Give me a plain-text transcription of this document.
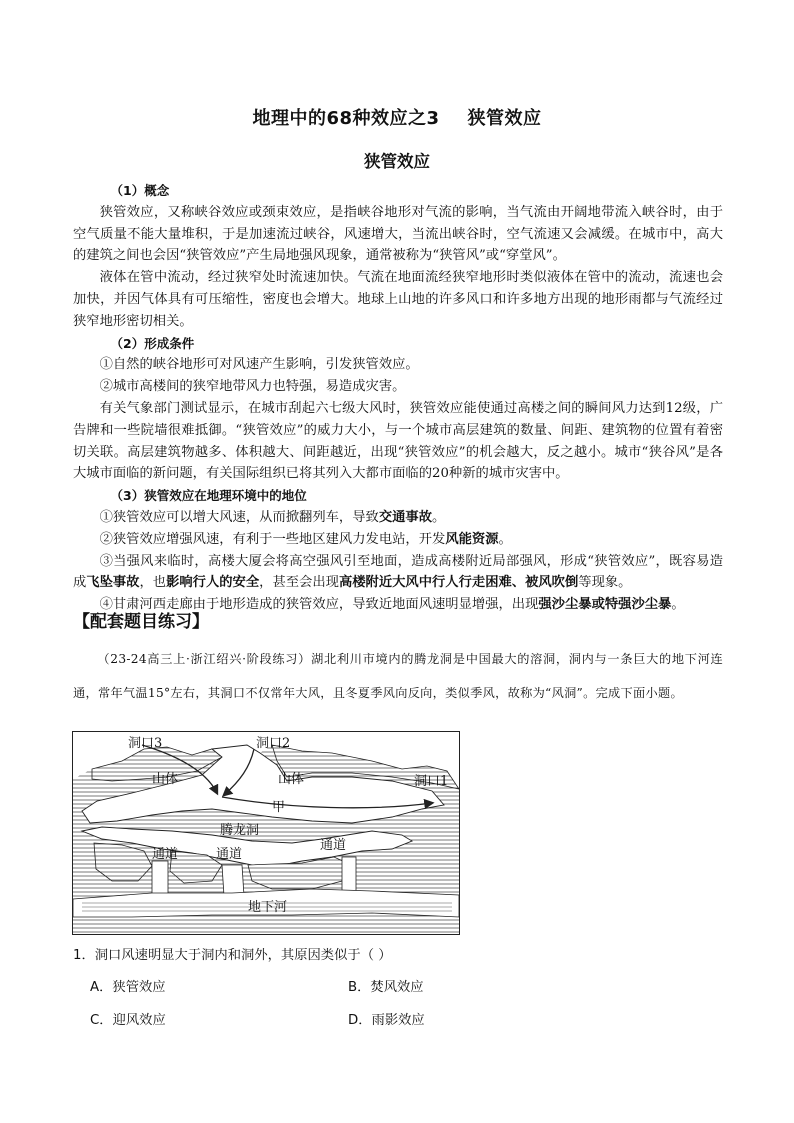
地理中的68种效应之3 狭管效应
狭管效应

（1）概念

狭管效应，又称峡谷效应或颈束效应，是指峡谷地形对气流的影响，当气流由开阔地带流入峡谷时，由于空气质量不能大量堆积，于是加速流过峡谷，风速增大，当流出峡谷时，空气流速又会减缓。在城市中，高大的建筑之间也会因“狭管效应”产生局地强风现象，通常被称为“狭管风”或“穿堂风”。

液体在管中流动，经过狭窄处时流速加快。气流在地面流经狭窄地形时类似液体在管中的流动，流速也会加快，并因气体具有可压缩性，密度也会增大。地球上山地的许多风口和许多地方出现的地形雨都与气流经过狭窄地形密切相关。

（2）形成条件

①自然的峡谷地形可对风速产生影响，引发狭管效应。

②城市高楼间的狭窄地带风力也特强，易造成灾害。

有关气象部门测试显示，在城市刮起六七级大风时，狭管效应能使通过高楼之间的瞬间风力达到12级，广告牌和一些院墙很难抵御。“狭管效应”的威力大小，与一个城市高层建筑的数量、间距、建筑物的位置有着密切关联。高层建筑物越多、体积越大、间距越近，出现“狭管效应”的机会越大，反之越小。城市“狭谷风”是各大城市面临的新问题，有关国际组织已将其列入大都市面临的20种新的城市灾害中。

（3）狭管效应在地理环境中的地位

①狭管效应可以增大风速，从而掀翻列车，导致交通事故。

②狭管效应增强风速，有利于一些地区建风力发电站，开发风能资源。

③当强风来临时，高楼大厦会将高空强风引至地面，造成高楼附近局部强风，形成“狭管效应”，既容易造成飞坠事故，也影响行人的安全，甚至会出现高楼附近大风中行人行走困难、被风吹倒等现象。

④甘肃河西走廊由于地形造成的狭管效应，导致近地面风速明显增强，出现强沙尘暴或特强沙尘暴。

【配套题目练习】
（23-24高三上·浙江绍兴·阶段练习）湖北利川市境内的腾龙洞是中国最大的溶洞，洞内与一条巨大的地下河连通，常年气温15°左右，其洞口不仅常年大风，且冬夏季风向反向，类似季风，故称为“风洞”。完成下面小题。
洞口3	洞口2
洞口1
山体	山体
甲
腾龙洞
通道	通道
通道
地下河
1．洞口风速明显大于洞内和洞外，其原因类似于（ ）
A．狭管效应	B．焚风效应
C．迎风效应	D．雨影效应
